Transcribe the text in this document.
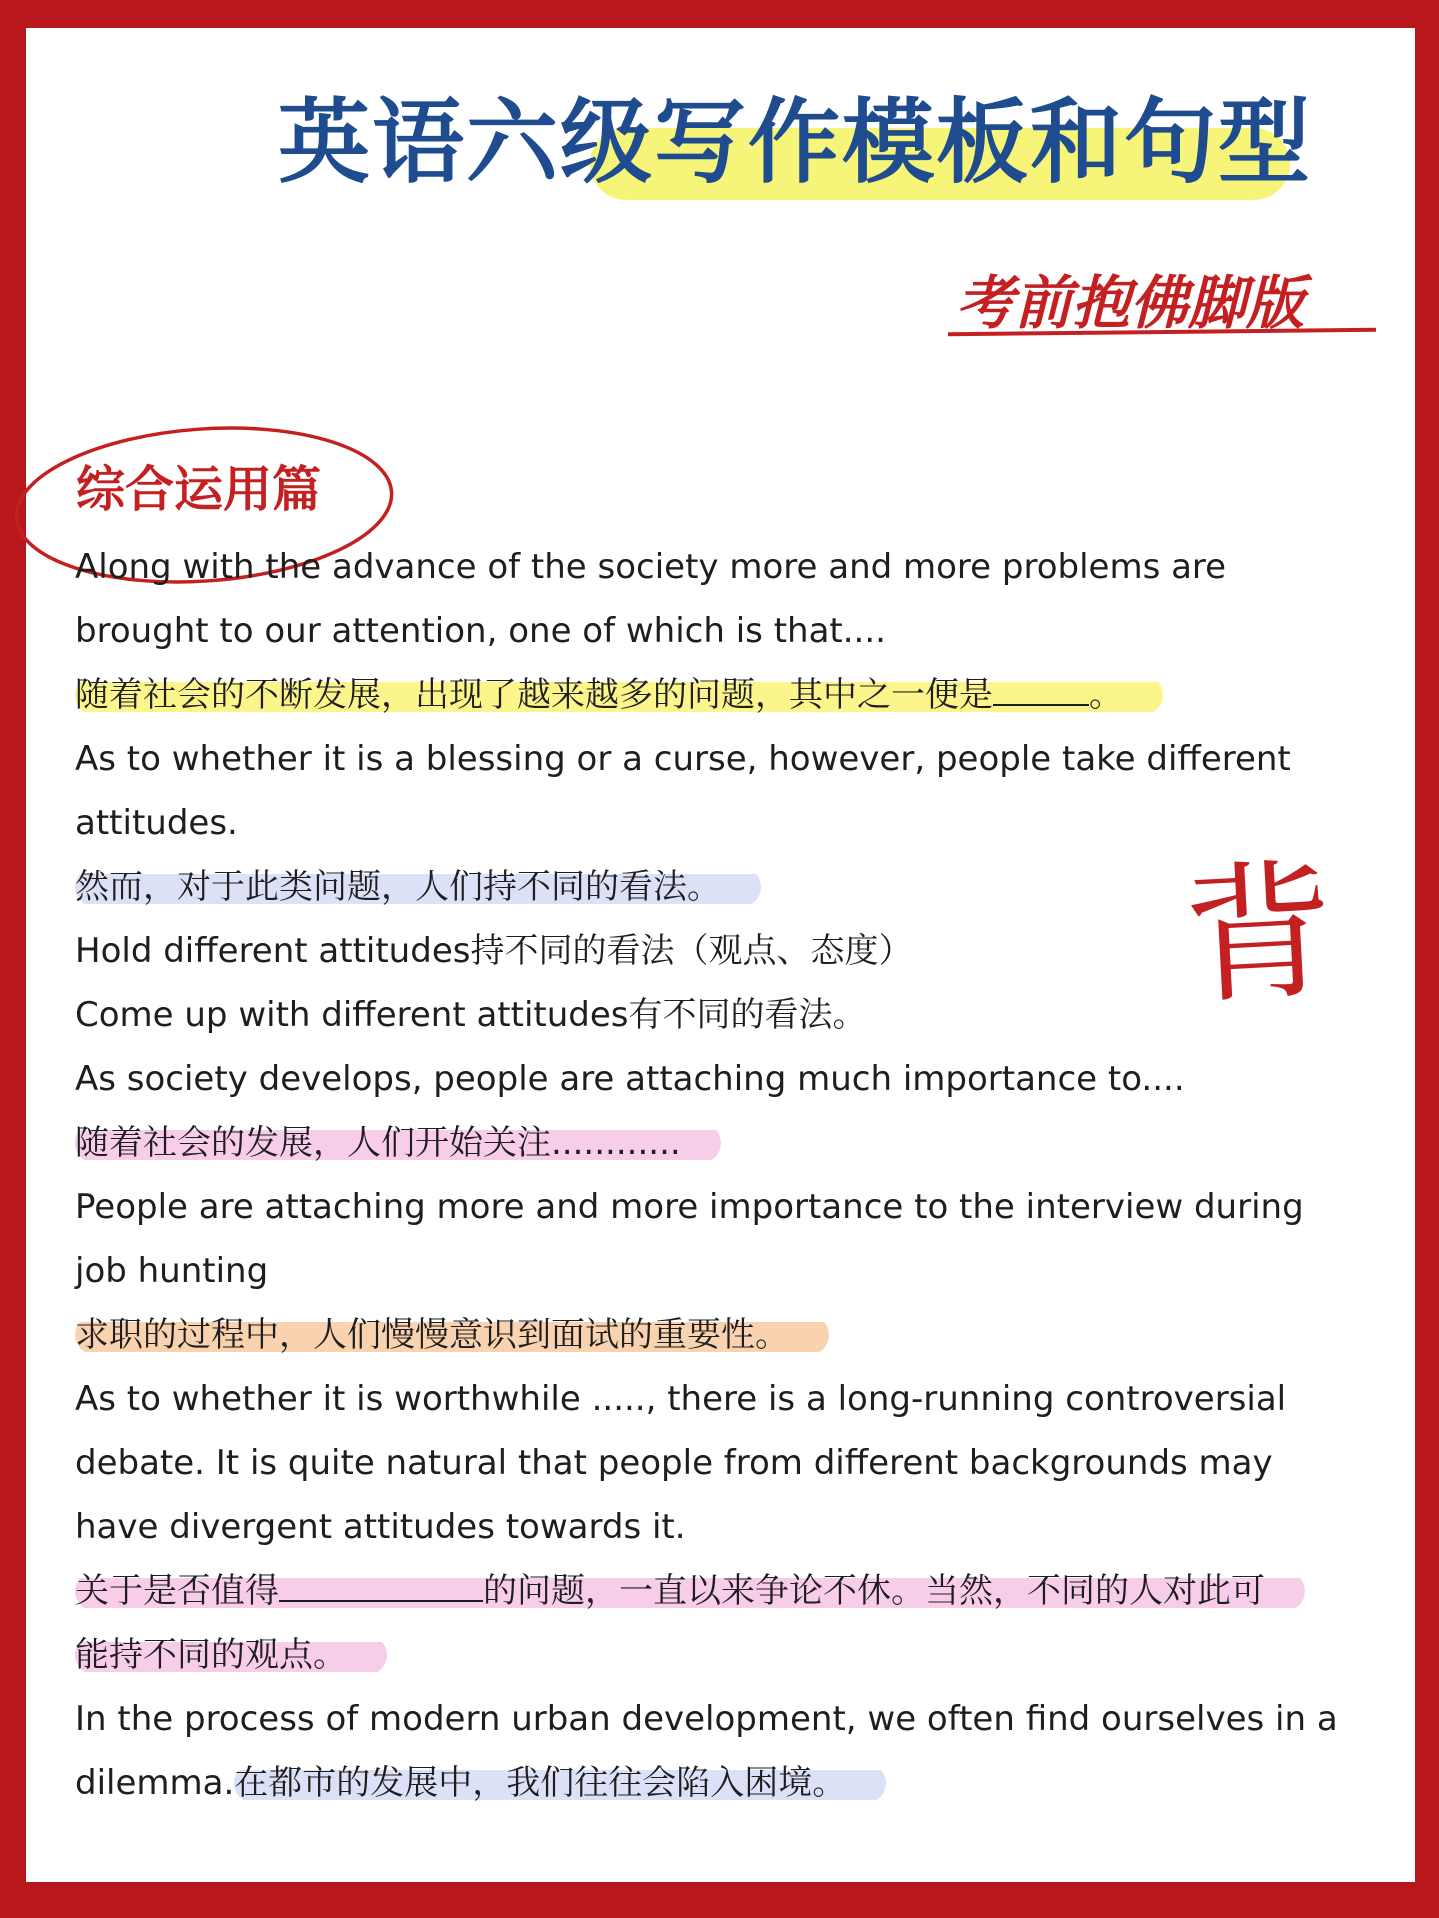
英语六级写作模板和句型
考前抱佛脚版
综合运用篇
背
Along with the advance of the society more and more problems are
brought to our attention, one of which is that....
随着社会的不断发展，出现了越来越多的问题，其中之一便是	。
As to whether it is a blessing or a curse, however, people take different
attitudes.
然而，对于此类问题，人们持不同的看法。
Hold different attitudes持不同的看法（观点、态度）
Come up with different attitudes有不同的看法。
As society develops, people are attaching much importance to....
随着社会的发展，人们开始关注............
People are attaching more and more importance to the interview during
job hunting
求职的过程中，人们慢慢意识到面试的重要性。
As to whether it is worthwhile ....., there is a long-running controversial
debate. It is quite natural that people from different backgrounds may
have divergent attitudes towards it.
关于是否值得	的问题，一直以来争论不休。当然，不同的人对此可
能持不同的观点。
In the process of modern urban development, we often find ourselves in a
dilemma.在都市的发展中，我们往往会陷入困境。
